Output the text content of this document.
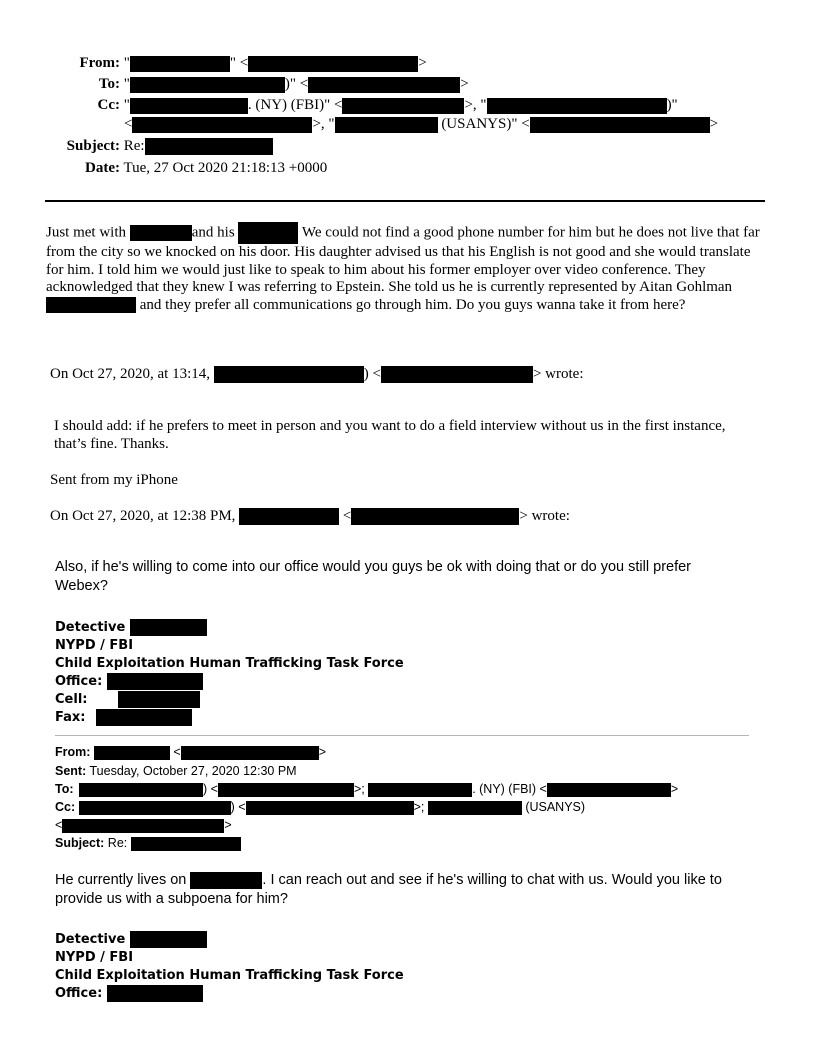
From: "	" <	>
To: "	)" <	>
Cc: "	. (NY) (FBI)" <	>, "	)"
<	>, "	(USANYS)" <	>
Subject: Re:
Date: Tue, 27 Oct 2020 21:18:13 +0000
Just met with	and his	We could not find a good phone number for him but he does not live that far from the city so we knocked on his door. His daughter advised us that his English is not good and she would translate for him. I told him we would just like to speak to him about his former employer over video conference. They acknowledged that they knew I was referring to Epstein. She told us he is currently represented by Aitan Gohlman  and they prefer all communications go through him. Do you guys wanna take it from here?
On Oct 27, 2020, at 13:14,	) <	> wrote:
I should add: if he prefers to meet in person and you want to do a field interview without us in the first instance, that’s fine. Thanks.
Sent from my iPhone
On Oct 27, 2020, at 12:38 PM,	<	> wrote:
Also, if he's willing to come into our office would you guys be ok with doing that or do you still prefer Webex?
Detective
NYPD / FBI
Child Exploitation Human Trafficking Task Force
Office:
Cell:
Fax:
From:	<	>
Sent: Tuesday, October 27, 2020 12:30 PM
To:	) <	>;	. (NY) (FBI) <	>
Cc:	) <	>;	(USANYS)
<	>
Subject: Re:
He currently lives on	. I can reach out and see if he's willing to chat with us. Would you like to provide us with a subpoena for him?
Detective
NYPD / FBI
Child Exploitation Human Trafficking Task Force
Office:
